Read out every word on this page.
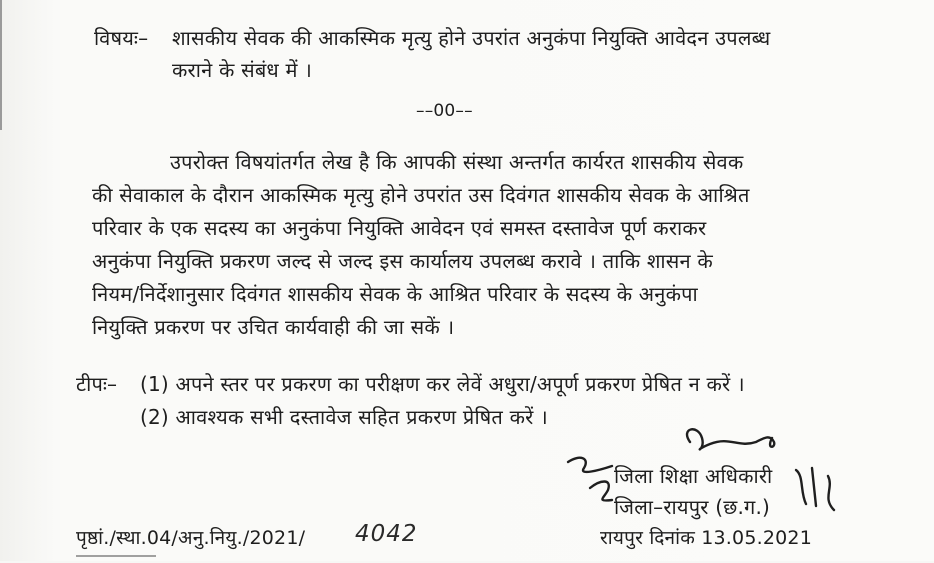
विषयः– शासकीय सेवक की आकस्मिक मृत्यु होने उपरांत अनुकंपा नियुक्ति आवेदन उपलब्ध
कराने के संबंध में ।
––00––
उपरोक्त विषयांतर्गत लेख है कि आपकी संस्था अन्तर्गत कार्यरत शासकीय सेवक
की सेवाकाल के दौरान आकस्मिक मृत्यु होने उपरांत उस दिवंगत शासकीय सेवक के आश्रित
परिवार के एक सदस्य का अनुकंपा नियुक्ति आवेदन एवं समस्त दस्तावेज पूर्ण कराकर
अनुकंपा नियुक्ति प्रकरण जल्द से जल्द इस कार्यालय उपलब्ध करावे । ताकि शासन के
नियम/निर्देशानुसार दिवंगत शासकीय सेवक के आश्रित परिवार के सदस्य के अनुकंपा
नियुक्ति प्रकरण पर उचित कार्यवाही की जा सकें ।
टीपः– (1) अपने स्तर पर प्रकरण का परीक्षण कर लेवें अधुरा/अपूर्ण प्रकरण प्रेषित न करें ।
(2) आवश्यक सभी दस्तावेज सहित प्रकरण प्रेषित करें ।
जिला शिक्षा अधिकारी
जिला–रायपुर (छ.ग.)
पृष्ठां./स्था.04/अनु.नियु./2021/ 4042	रायपुर दिनांक 13.05.2021
